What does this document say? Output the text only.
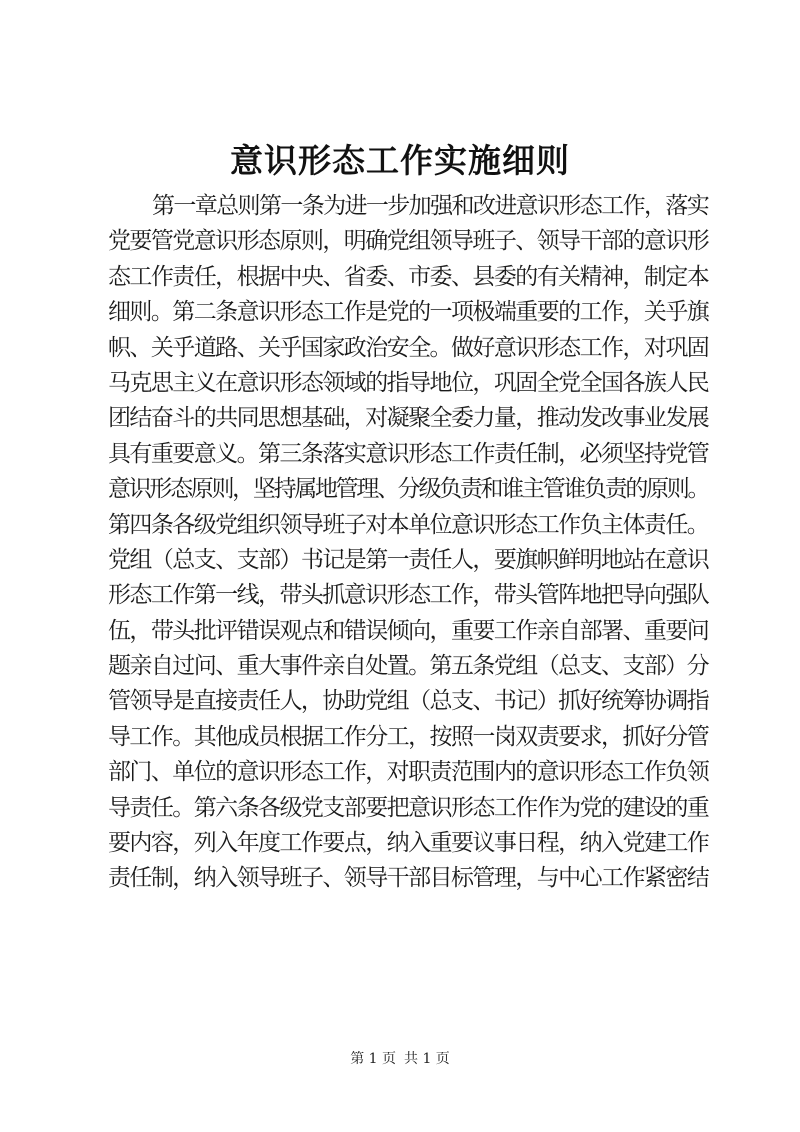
意识形态工作实施细则
第一章总则第一条为进一步加强和改进意识形态工作，落实
党要管党意识形态原则，明确党组领导班子、领导干部的意识形
态工作责任，根据中央、省委、市委、县委的有关精神，制定本
细则。第二条意识形态工作是党的一项极端重要的工作，关乎旗
帜、关乎道路、关乎国家政治安全。做好意识形态工作，对巩固
马克思主义在意识形态领域的指导地位，巩固全党全国各族人民
团结奋斗的共同思想基础，对凝聚全委力量，推动发改事业发展
具有重要意义。第三条落实意识形态工作责任制，必须坚持党管
意识形态原则，坚持属地管理、分级负责和谁主管谁负责的原则。
第四条各级党组织领导班子对本单位意识形态工作负主体责任。
党组（总支、支部）书记是第一责任人，要旗帜鲜明地站在意识
形态工作第一线，带头抓意识形态工作，带头管阵地把导向强队
伍，带头批评错误观点和错误倾向，重要工作亲自部署、重要问
题亲自过问、重大事件亲自处置。第五条党组（总支、支部）分
管领导是直接责任人，协助党组（总支、书记）抓好统筹协调指
导工作。其他成员根据工作分工，按照一岗双责要求，抓好分管
部门、单位的意识形态工作，对职责范围内的意识形态工作负领
导责任。第六条各级党支部要把意识形态工作作为党的建设的重
要内容，列入年度工作要点，纳入重要议事日程，纳入党建工作
责任制，纳入领导班子、领导干部目标管理，与中心工作紧密结
第 1 页 共 1 页
